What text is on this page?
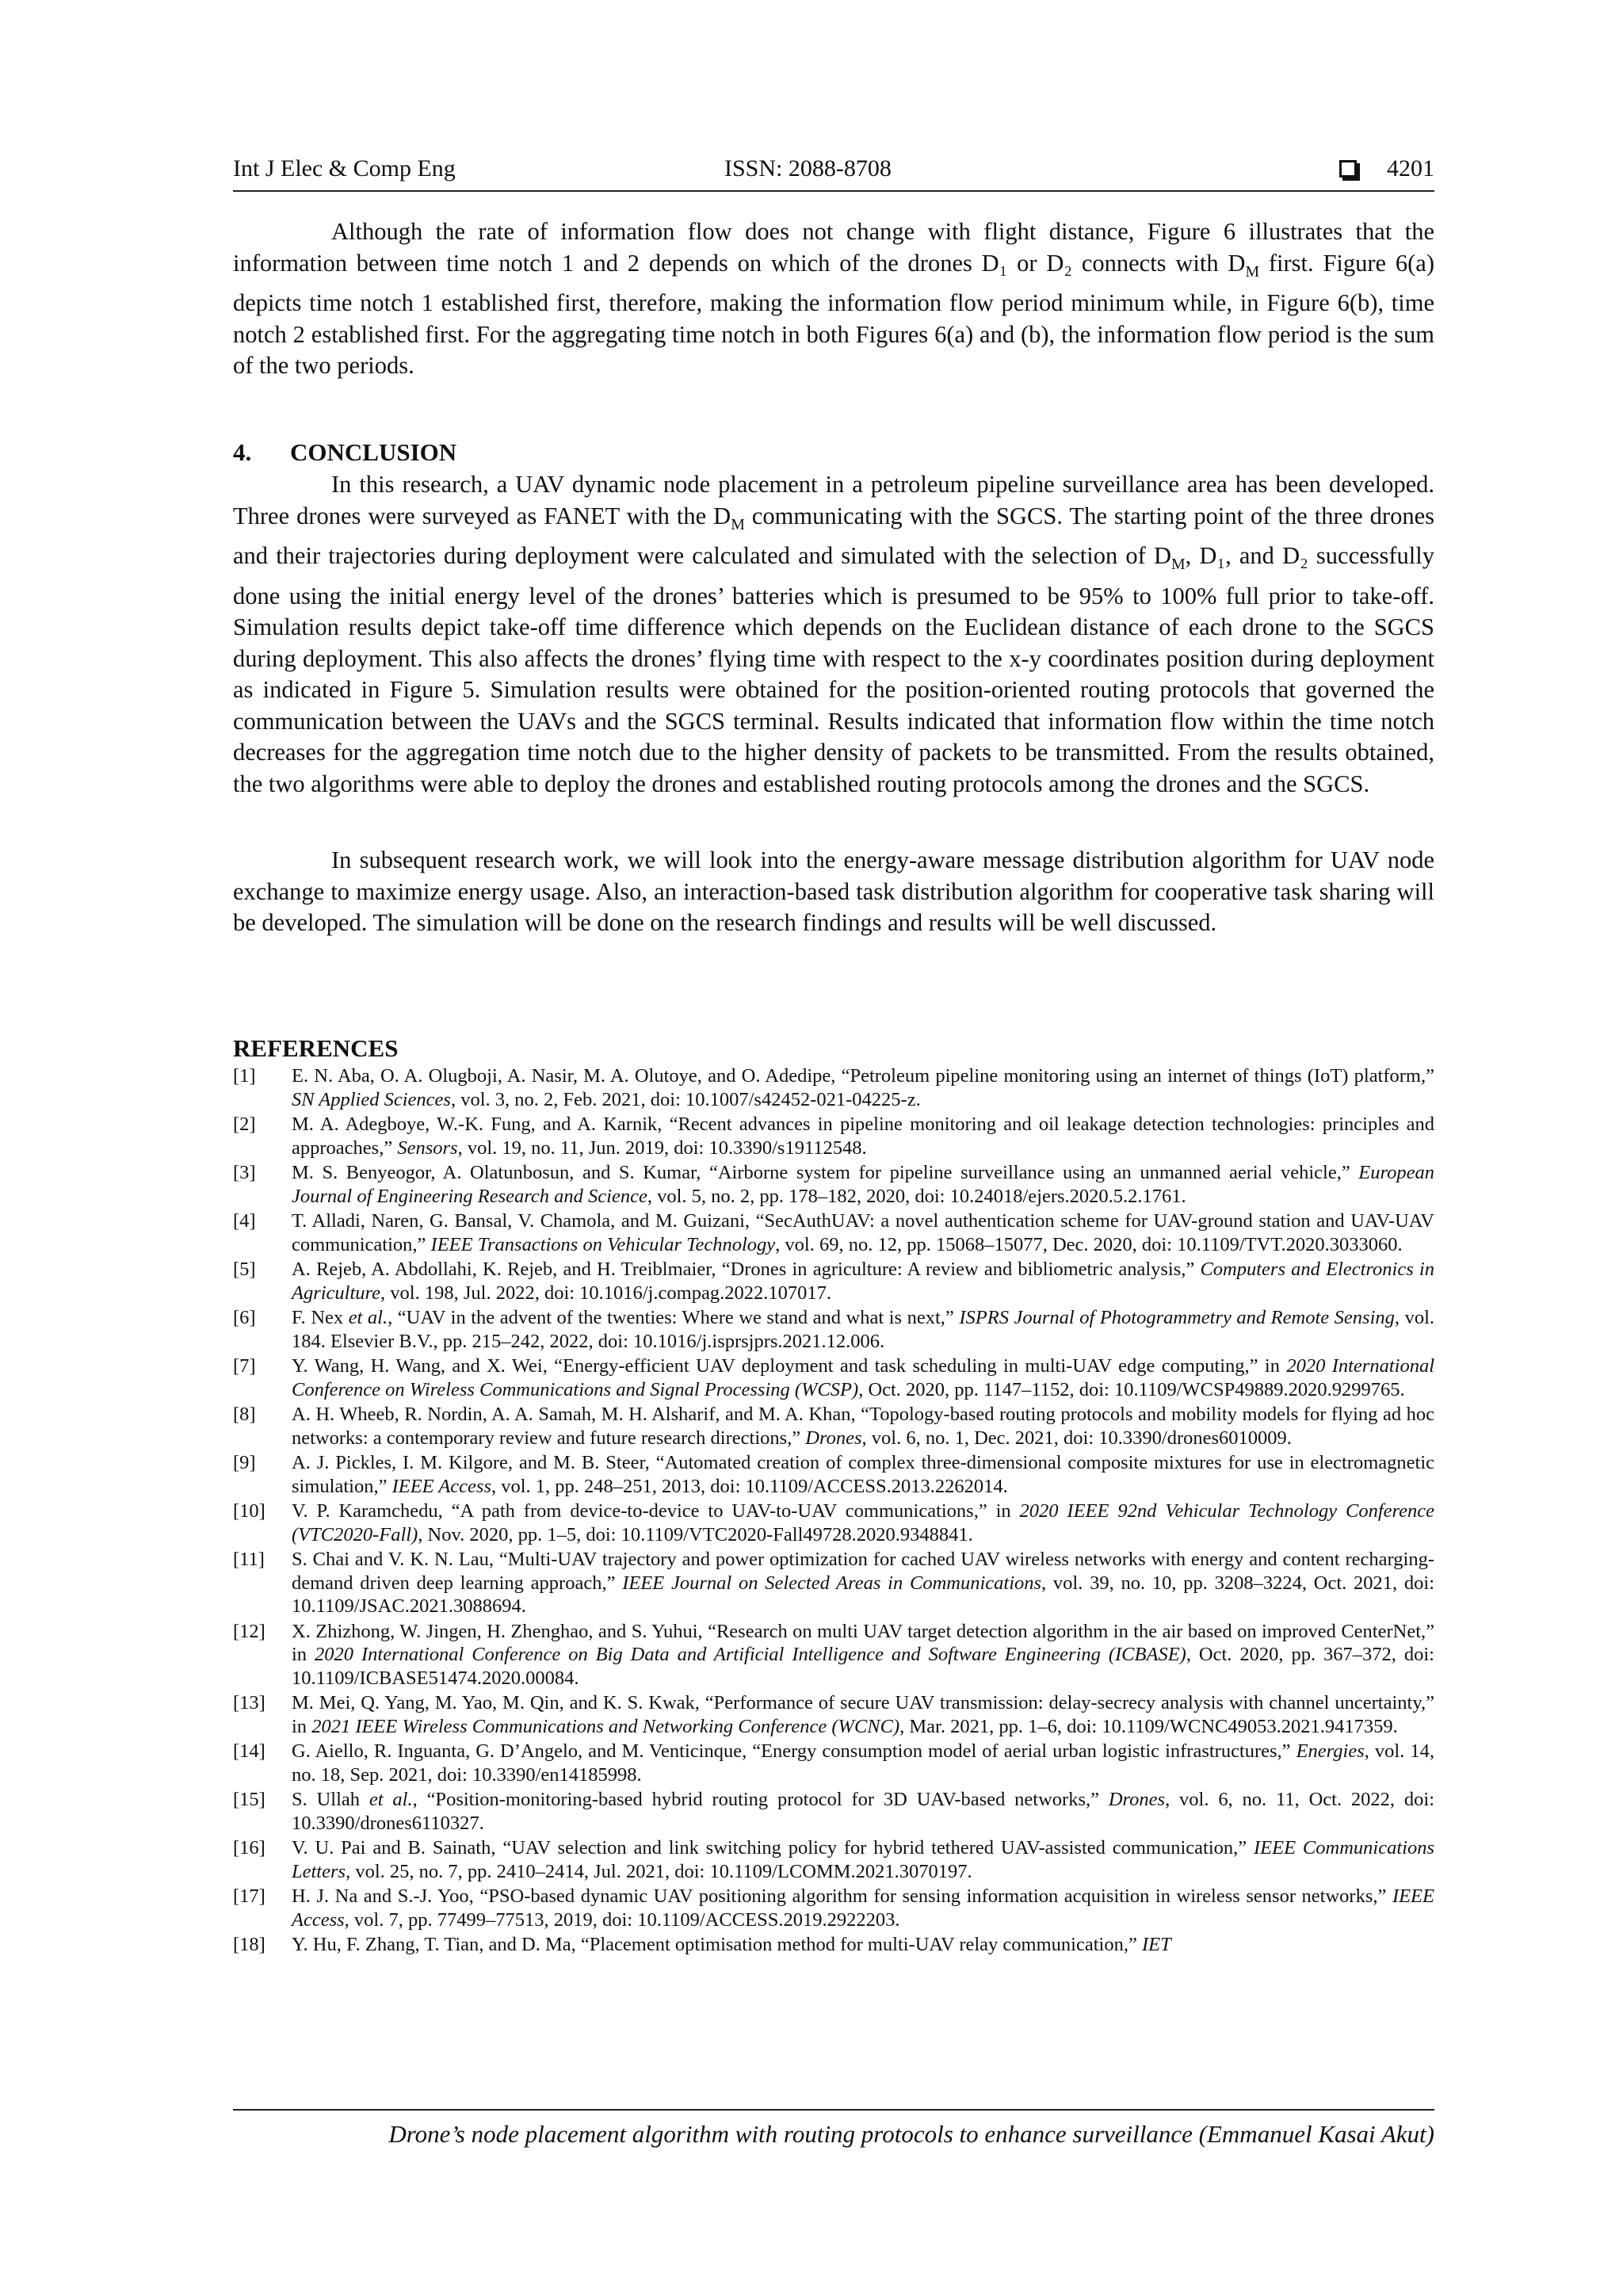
Int J Elec & Comp Eng	ISSN: 2088-8708	4201

Although the rate of information flow does not change with flight distance, Figure 6 illustrates that the information between time notch 1 and 2 depends on which of the drones D₁ or D₂ connects with $D_M$ first. Figure 6(a) depicts time notch 1 established first, therefore, making the information flow period minimum while, in Figure 6(b), time notch 2 established first. For the aggregating time notch in both Figures 6(a) and (b), the information flow period is the sum of the two periods.

4. CONCLUSION

In this research, a UAV dynamic node placement in a petroleum pipeline surveillance area has been developed. Three drones were surveyed as FANET with the $D_M$ communicating with the SGCS. The starting point of the three drones and their trajectories during deployment were calculated and simulated with the selection of $D_M$, D₁, and D₂ successfully done using the initial energy level of the drones’ batteries which is presumed to be 95% to 100% full prior to take-off. Simulation results depict take-off time difference which depends on the Euclidean distance of each drone to the SGCS during deployment. This also affects the drones’ flying time with respect to the x-y coordinates position during deployment as indicated in Figure 5. Simulation results were obtained for the position-oriented routing protocols that governed the communication between the UAVs and the SGCS terminal. Results indicated that information flow within the time notch decreases for the aggregation time notch due to the higher density of packets to be transmitted. From the results obtained, the two algorithms were able to deploy the drones and established routing protocols among the drones and the SGCS.

In subsequent research work, we will look into the energy-aware message distribution algorithm for UAV node exchange to maximize energy usage. Also, an interaction-based task distribution algorithm for cooperative task sharing will be developed. The simulation will be done on the research findings and results will be well discussed.

REFERENCES
[1]	E. N. Aba, O. A. Olugboji, A. Nasir, M. A. Olutoye, and O. Adedipe, “Petroleum pipeline monitoring using an internet of things (IoT) platform,” SN Applied Sciences, vol. 3, no. 2, Feb. 2021, doi: 10.1007/s42452-021-04225-z.
[2]	M. A. Adegboye, W.-K. Fung, and A. Karnik, “Recent advances in pipeline monitoring and oil leakage detection technologies: principles and approaches,” Sensors, vol. 19, no. 11, Jun. 2019, doi: 10.3390/s19112548.
[3]	M. S. Benyeogor, A. Olatunbosun, and S. Kumar, “Airborne system for pipeline surveillance using an unmanned aerial vehicle,” European Journal of Engineering Research and Science, vol. 5, no. 2, pp. 178–182, 2020, doi: 10.24018/ejers.2020.5.2.1761.
[4]	T. Alladi, Naren, G. Bansal, V. Chamola, and M. Guizani, “SecAuthUAV: a novel authentication scheme for UAV-ground station and UAV-UAV communication,” IEEE Transactions on Vehicular Technology, vol. 69, no. 12, pp. 15068–15077, Dec. 2020, doi: 10.1109/TVT.2020.3033060.
[5]	A. Rejeb, A. Abdollahi, K. Rejeb, and H. Treiblmaier, “Drones in agriculture: A review and bibliometric analysis,” Computers and Electronics in Agriculture, vol. 198, Jul. 2022, doi: 10.1016/j.compag.2022.107017.
[6]	F. Nex et al., “UAV in the advent of the twenties: Where we stand and what is next,” ISPRS Journal of Photogrammetry and Remote Sensing, vol. 184. Elsevier B.V., pp. 215–242, 2022, doi: 10.1016/j.isprsjprs.2021.12.006.
[7]	Y. Wang, H. Wang, and X. Wei, “Energy-efficient UAV deployment and task scheduling in multi-UAV edge computing,” in 2020 International Conference on Wireless Communications and Signal Processing (WCSP), Oct. 2020, pp. 1147–1152, doi: 10.1109/WCSP49889.2020.9299765.
[8]	A. H. Wheeb, R. Nordin, A. A. Samah, M. H. Alsharif, and M. A. Khan, “Topology-based routing protocols and mobility models for flying ad hoc networks: a contemporary review and future research directions,” Drones, vol. 6, no. 1, Dec. 2021, doi: 10.3390/drones6010009.
[9]	A. J. Pickles, I. M. Kilgore, and M. B. Steer, “Automated creation of complex three-dimensional composite mixtures for use in electromagnetic simulation,” IEEE Access, vol. 1, pp. 248–251, 2013, doi: 10.1109/ACCESS.2013.2262014.
[10]	V. P. Karamchedu, “A path from device-to-device to UAV-to-UAV communications,” in 2020 IEEE 92nd Vehicular Technology Conference (VTC2020-Fall), Nov. 2020, pp. 1–5, doi: 10.1109/VTC2020-Fall49728.2020.9348841.
[11]	S. Chai and V. K. N. Lau, “Multi-UAV trajectory and power optimization for cached UAV wireless networks with energy and content recharging-demand driven deep learning approach,” IEEE Journal on Selected Areas in Communications, vol. 39, no. 10, pp. 3208–3224, Oct. 2021, doi: 10.1109/JSAC.2021.3088694.
[12]	X. Zhizhong, W. Jingen, H. Zhenghao, and S. Yuhui, “Research on multi UAV target detection algorithm in the air based on improved CenterNet,” in 2020 International Conference on Big Data and Artificial Intelligence and Software Engineering (ICBASE), Oct. 2020, pp. 367–372, doi: 10.1109/ICBASE51474.2020.00084.
[13]	M. Mei, Q. Yang, M. Yao, M. Qin, and K. S. Kwak, “Performance of secure UAV transmission: delay-secrecy analysis with channel uncertainty,” in 2021 IEEE Wireless Communications and Networking Conference (WCNC), Mar. 2021, pp. 1–6, doi: 10.1109/WCNC49053.2021.9417359.
[14]	G. Aiello, R. Inguanta, G. D’Angelo, and M. Venticinque, “Energy consumption model of aerial urban logistic infrastructures,” Energies, vol. 14, no. 18, Sep. 2021, doi: 10.3390/en14185998.
[15]	S. Ullah et al., “Position-monitoring-based hybrid routing protocol for 3D UAV-based networks,” Drones, vol. 6, no. 11, Oct. 2022, doi: 10.3390/drones6110327.
[16]	V. U. Pai and B. Sainath, “UAV selection and link switching policy for hybrid tethered UAV-assisted communication,” IEEE Communications Letters, vol. 25, no. 7, pp. 2410–2414, Jul. 2021, doi: 10.1109/LCOMM.2021.3070197.
[17]	H. J. Na and S.-J. Yoo, “PSO-based dynamic UAV positioning algorithm for sensing information acquisition in wireless sensor networks,” IEEE Access, vol. 7, pp. 77499–77513, 2019, doi: 10.1109/ACCESS.2019.2922203.
[18]	Y. Hu, F. Zhang, T. Tian, and D. Ma, “Placement optimisation method for multi-UAV relay communication,” IET
Drone’s node placement algorithm with routing protocols to enhance surveillance (Emmanuel Kasai Akut)
